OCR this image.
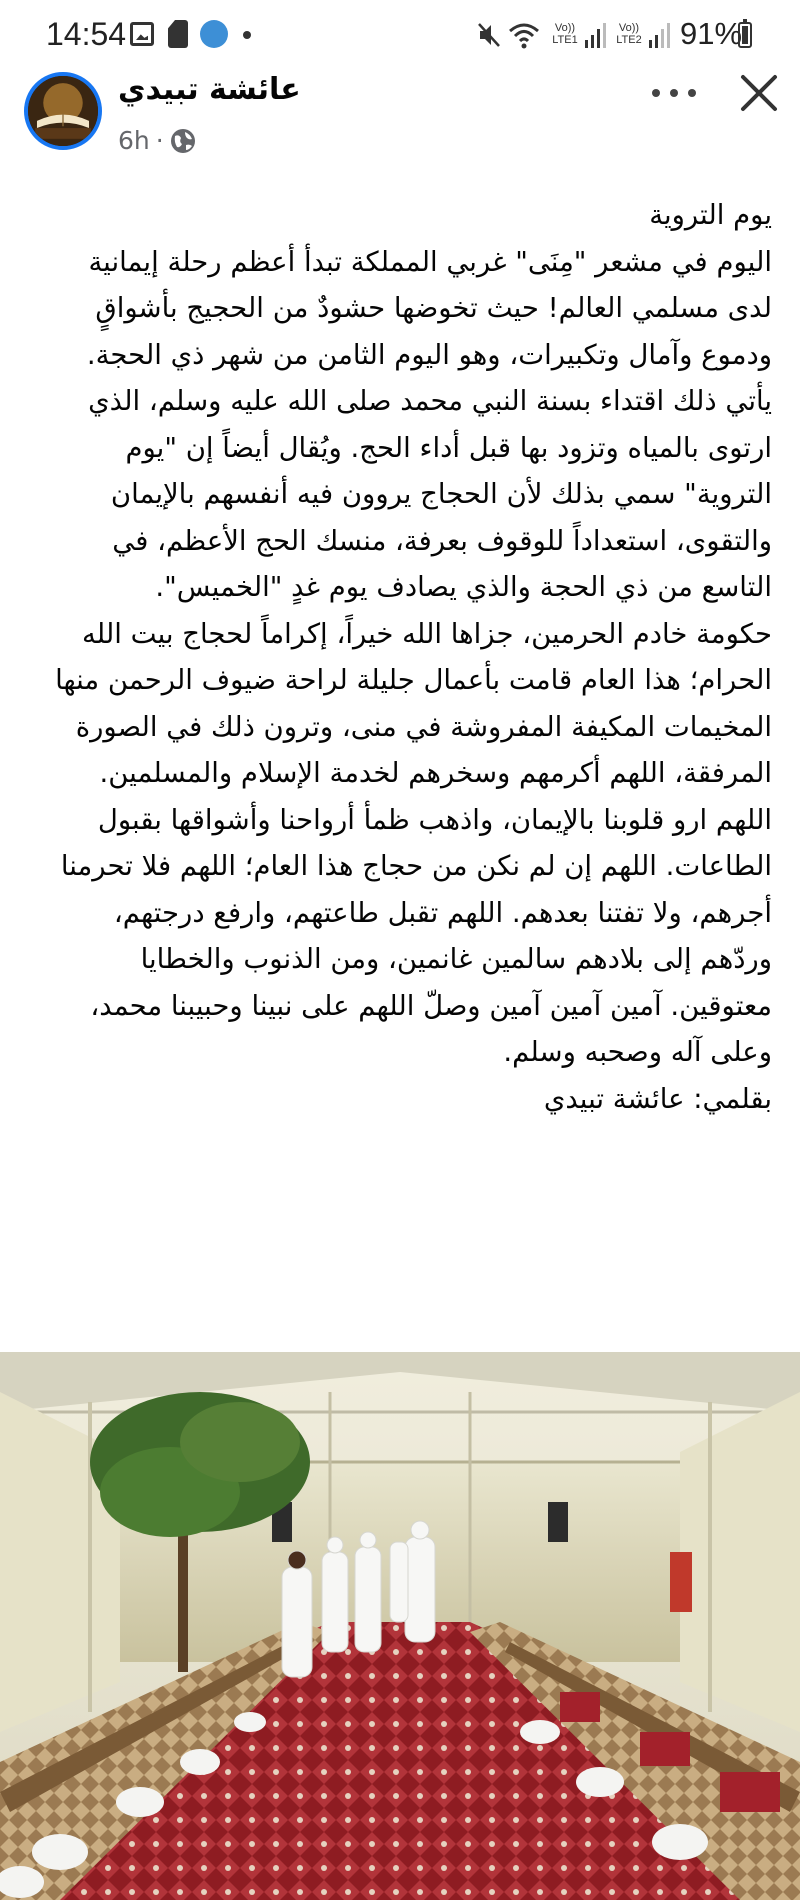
14:54	Vo)) LTE1
Vo)) LTE2 91%
عائشة تبيدي
6h ·
يوم التروية
اليوم في مشعر "مِنَى" غربي المملكة تبدأ أعظم رحلة إيمانية
لدى مسلمي العالم! حيث تخوضها حشودٌ من الحجيج بأشواقٍ
ودموع وآمال وتكبيرات، وهو اليوم الثامن من شهر ذي الحجة.
يأتي ذلك اقتداء بسنة النبي محمد صلى الله عليه وسلم، الذي
ارتوى بالمياه وتزود بها قبل أداء الحج. ويُقال أيضاً إن "يوم
التروية" سمي بذلك لأن الحجاج يروون فيه أنفسهم بالإيمان
والتقوى، استعداداً للوقوف بعرفة، منسك الحج الأعظم، في
التاسع من ذي الحجة والذي يصادف يوم غدٍ "الخميس".
حكومة خادم الحرمين، جزاها الله خيراً، إكراماً لحجاج بيت الله
الحرام؛ هذا العام قامت بأعمال جليلة لراحة ضيوف الرحمن منها
المخيمات المكيفة المفروشة في منى، وترون ذلك في الصورة
المرفقة، اللهم أكرمهم وسخرهم لخدمة الإسلام والمسلمين.
اللهم ارو قلوبنا بالإيمان، واذهب ظمأ أرواحنا وأشواقها بقبول
الطاعات. اللهم إن لم نكن من حجاج هذا العام؛ اللهم فلا تحرمنا
أجرهم، ولا تفتنا بعدهم. اللهم تقبل طاعتهم، وارفع درجتهم،
وردّهم إلى بلادهم سالمين غانمين، ومن الذنوب والخطايا
معتوقين. آمين آمين آمين وصلّ اللهم على نبينا وحبيبنا محمد،
وعلى آله وصحبه وسلم.
بقلمي: عائشة تبيدي
